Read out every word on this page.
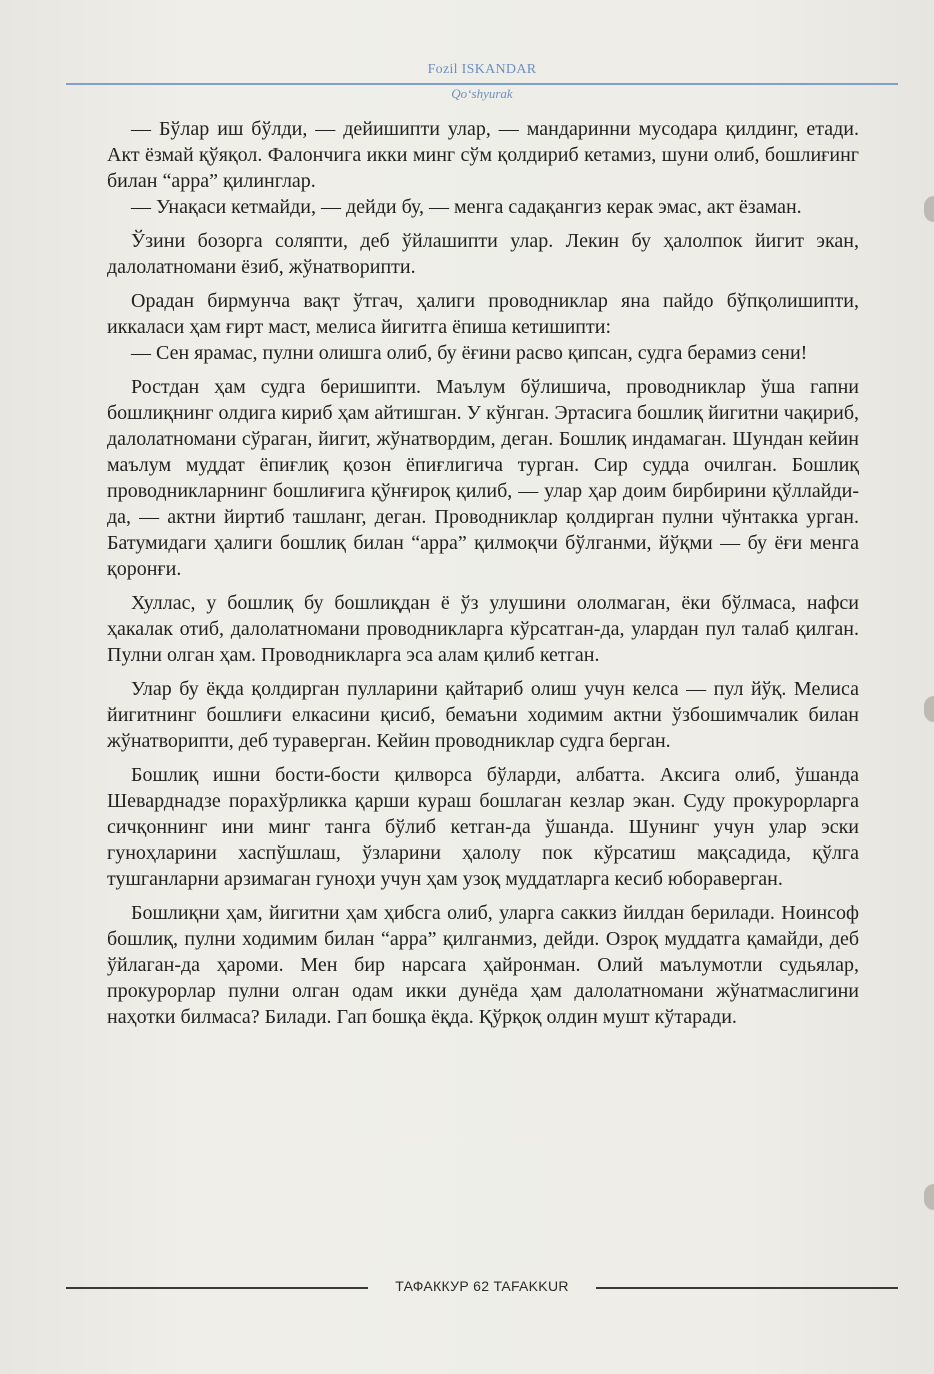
Fozil ISKANDAR
Qo‘shyurak

— Бўлар иш бўлди, — дейишипти улар, — мандаринни мусодара қилдинг, етади. Акт ёзмай қўяқол. Фалончига икки минг сўм қолдириб кетамиз, шуни олиб, бошлиғинг билан “арра” қилинглар.

— Унақаси кетмайди, — дейди бу, — менга садақангиз керак эмас, акт ёзаман.

Ўзини бозорга соляпти, деб ўйлашипти улар. Лекин бу ҳалолпок йигит экан, далолатномани ёзиб, жўнатворипти.

Орадан бирмунча вақт ўтгач, ҳалиги проводниклар яна пайдо бўпқолишипти, иккаласи ҳам ғирт маст, мелиса йигитга ёпиша кетишипти:

— Сен ярамас, пулни олишга олиб, бу ёғини расво қипсан, судга берамиз сени!

Ростдан ҳам судга беришипти. Маълум бўлишича, проводниклар ўша гапни бошлиқнинг олдига кириб ҳам айтишган. У кўнган. Эртасига бошлиқ йигитни чақириб, далолатномани сўраган, йигит, жўнатвордим, деган. Бошлиқ индамаган. Шундан кейин маълум муддат ёпиғлиқ қозон ёпиғлигича турган. Сир судда очилган. Бошлиқ проводникларнинг бошлиғига қўнғироқ қилиб, — улар ҳар доим бирбирини қўллайди-да, — актни йиртиб ташланг, деган. Проводниклар қолдирган пулни чўнтакка урган. Батумидаги ҳалиги бошлиқ билан “арра” қилмоқчи бўлганми, йўқми — бу ёғи менга қоронғи.

Хуллас, у бошлиқ бу бошлиқдан ё ўз улушини ололмаган, ёки бўлмаса, нафси ҳакалак отиб, далолатномани проводникларга кўрсатган-да, улардан пул талаб қилган. Пулни олган ҳам. Проводникларга эса алам қилиб кетган.

Улар бу ёқда қолдирган пулларини қайтариб олиш учун келса — пул йўқ. Мелиса йигитнинг бошлиғи елкасини қисиб, бемаъни ходимим актни ўзбошимчалик билан жўнатворипти, деб тураверган. Кейин проводниклар судга берган.

Бошлиқ ишни бости-бости қилворса бўларди, албатта. Аксига олиб, ўшанда Шеварднадзе порахўрликка қарши кураш бошлаган кезлар экан. Суду прокурорларга сичқоннинг ини минг танга бўлиб кетган-да ўшанда. Шунинг учун улар эски гуноҳларини хаспўшлаш, ўзларини ҳалолу пок кўрсатиш мақсадида, қўлга тушганларни арзимаган гуноҳи учун ҳам узоқ муддатларга кесиб юбораверган.

Бошлиқни ҳам, йигитни ҳам ҳибсга олиб, уларга саккиз йилдан берилади. Ноинсоф бошлиқ, пулни ходимим билан “арра” қилганмиз, дейди. Озроқ муддатга қамайди, деб ўйлаган-да ҳароми. Мен бир нарсага ҳайронман. Олий маълумотли судьялар, прокурорлар пулни олган одам икки дунёда ҳам далолатномани жўнатмаслигини наҳотки билмаса? Билади. Гап бошқа ёқда. Қўрқоқ олдин мушт кўтаради.

ТАФАККУР 62 TAFAKKUR
